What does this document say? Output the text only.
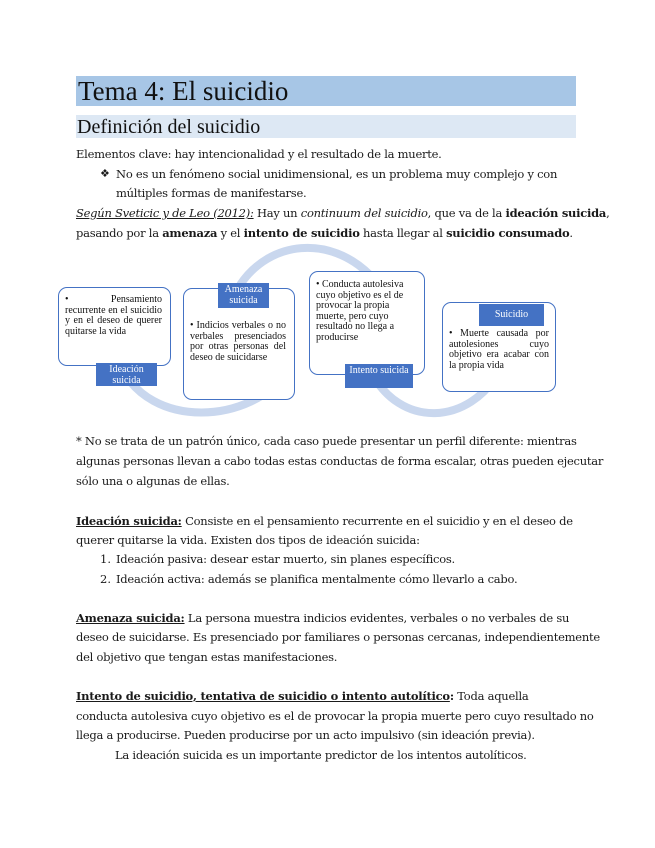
Tema 4: El suicidio
Definición del suicidio
Elementos clave: hay intencionalidad y el resultado de la muerte.
❖ No es un fenómeno social unidimensional, es un problema muy complejo y con
múltiples formas de manifestarse.
Según Sveticic y de Leo (2012): Hay un continuum del suicidio, que va de la ideación suicida,
pasando por la amenaza y el intento de suicidio hasta llegar al suicidio consumado.
• Pensamiento recurrente en el suicidio y en el deseo de querer quitarse la vida
Ideación suicida
• Indicios verbales o no verbales presenciados por otras personas del deseo de suicidarse
Amenaza suicida
• Conducta autolesiva cuyo objetivo es el de provocar la propia muerte, pero cuyo resultado no llega a producirse
Intento suicida
• Muerte causada por autolesiones cuyo objetivo era acabar con la propia vida
Suicidio
* No se trata de un patrón único, cada caso puede presentar un perfil diferente: mientras
algunas personas llevan a cabo todas estas conductas de forma escalar, otras pueden ejecutar
sólo una o algunas de ellas.
Ideación suicida: Consiste en el pensamiento recurrente en el suicidio y en el deseo de
querer quitarse la vida. Existen dos tipos de ideación suicida:
1. Ideación pasiva: desear estar muerto, sin planes específicos.
2. Ideación activa: además se planifica mentalmente cómo llevarlo a cabo.
Amenaza suicida: La persona muestra indicios evidentes, verbales o no verbales de su
deseo de suicidarse. Es presenciado por familiares o personas cercanas, independientemente
del objetivo que tengan estas manifestaciones.
Intento de suicidio, tentativa de suicidio o intento autolítico: Toda aquella
conducta autolesiva cuyo objetivo es el de provocar la propia muerte pero cuyo resultado no
llega a producirse. Pueden producirse por un acto impulsivo (sin ideación previa).
La ideación suicida es un importante predictor de los intentos autolíticos.
